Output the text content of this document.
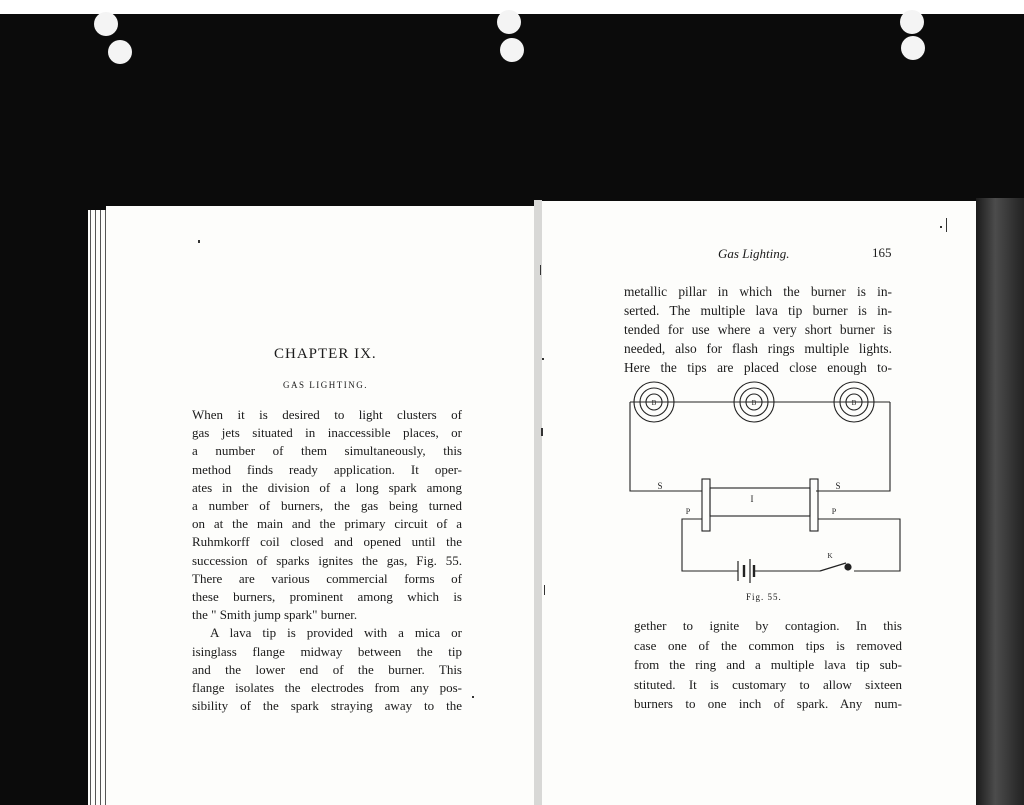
CHAPTER IX.
GAS LIGHTING.
When it is desired to light clusters of
gas jets situated in inaccessible places, or
a number of them simultaneously, this
method finds ready application. It oper-
ates in the division of a long spark among
a number of burners, the gas being turned
on at the main and the primary circuit of a
Ruhmkorff coil closed and opened until the
succession of sparks ignites the gas, Fig. 55.
There are various commercial forms of
these burners, prominent among which is
the " Smith jump spark" burner.
A lava tip is provided with a mica or
isinglass flange midway between the tip
and the lower end of the burner. This
flange isolates the electrodes from any pos-
sibility of the spark straying away to the
Gas Lighting.	165
metallic pillar in which the burner is in-
serted. The multiple lava tip burner is in-
tended for use where a very short burner is
needed, also for flash rings multiple lights.
Here the tips are placed close enough to-
B	B	B
S	S
I
P	P
K
Fig. 55.
gether to ignite by contagion. In this
case one of the common tips is removed
from the ring and a multiple lava tip sub-
stituted. It is customary to allow sixteen
burners to one inch of spark. Any num-
